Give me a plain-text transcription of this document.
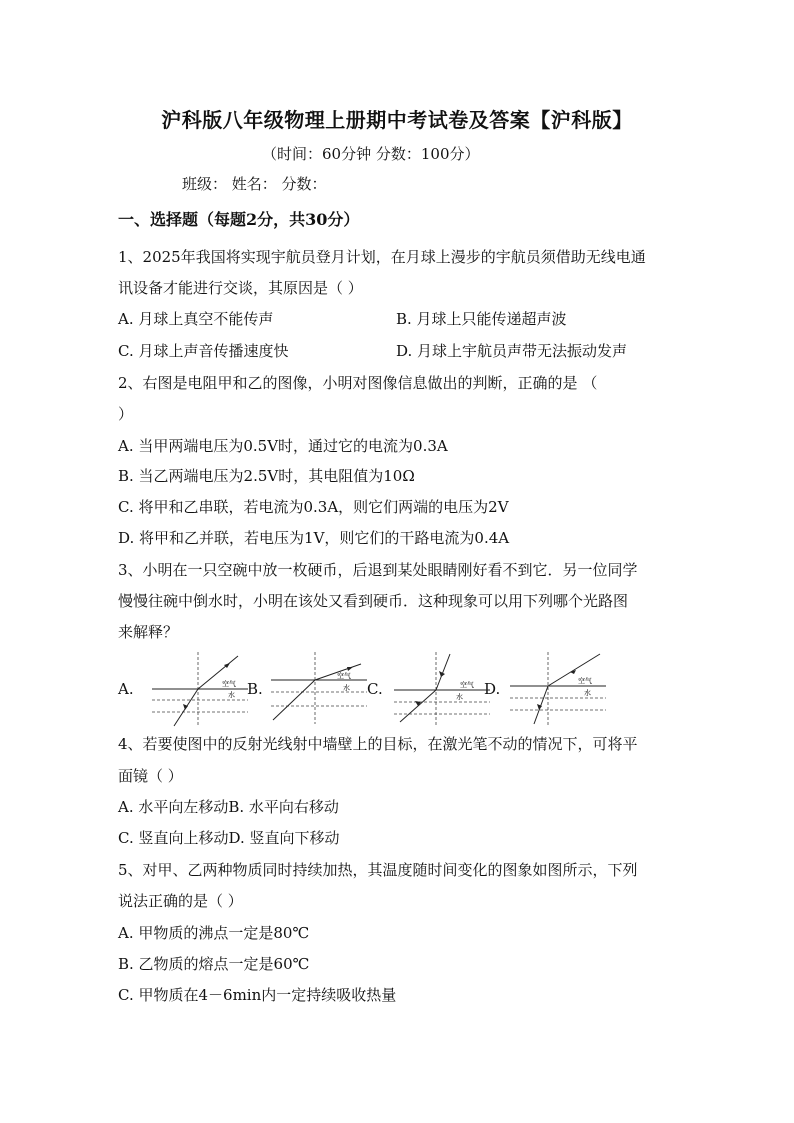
沪科版八年级物理上册期中考试卷及答案【沪科版】
（时间：60分钟 分数：100分）
班级： 姓名： 分数：
一、选择题（每题2分，共30分）
1、2025年我国将实现宇航员登月计划，在月球上漫步的宇航员须借助无线电通
讯设备才能进行交谈，其原因是（ ）
A. 月球上真空不能传声	B. 月球上只能传递超声波
C. 月球上声音传播速度快	D. 月球上宇航员声带无法振动发声
2、右图是电阻甲和乙的图像，小明对图像信息做出的判断，正确的是 （
）
A. 当甲两端电压为0.5V时，通过它的电流为0.3A
B. 当乙两端电压为2.5V时，其电阻值为10Ω
C. 将甲和乙串联，若电流为0.3A，则它们两端的电压为2V
D. 将甲和乙并联，若电压为1V，则它们的干路电流为0.4A
3、小明在一只空碗中放一枚硬币，后退到某处眼睛刚好看不到它．另一位同学
慢慢往碗中倒水时，小明在该处又看到硬币．这种现象可以用下列哪个光路图
来解释？
A.	B.	C.	D.
空气
水
空气
水	空气
水
空气
水
4、若要使图中的反射光线射中墙壁上的目标，在激光笔不动的情况下，可将平
面镜（ ）
A. 水平向左移动B. 水平向右移动
C. 竖直向上移动D. 竖直向下移动
5、对甲、乙两种物质同时持续加热，其温度随时间变化的图象如图所示，下列
说法正确的是（ ）
A. 甲物质的沸点一定是80℃
B. 乙物质的熔点一定是60℃
C. 甲物质在4－6min内一定持续吸收热量
